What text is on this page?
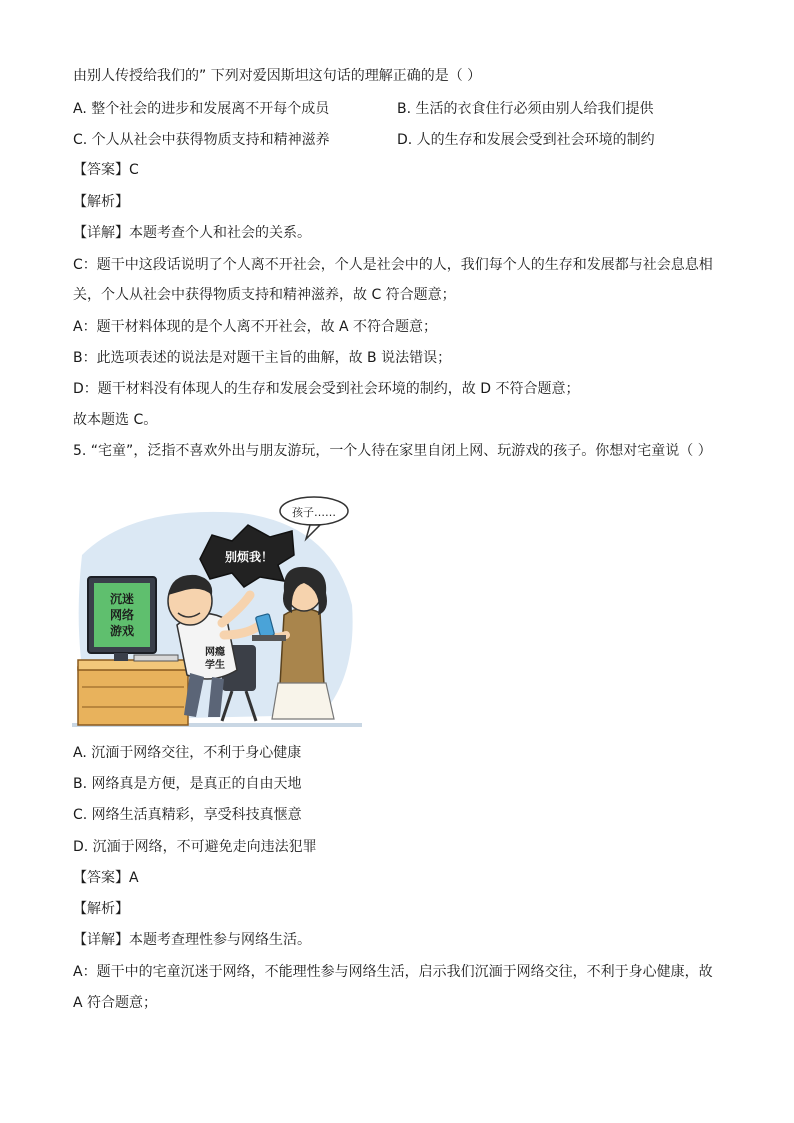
由别人传授给我们的” 下列对爱因斯坦这句话的理解正确的是（ ）
A. 整个社会的进步和发展离不开每个成员	B. 生活的衣食住行必须由别人给我们提供
C. 个人从社会中获得物质支持和精神滋养	D. 人的生存和发展会受到社会环境的制约
【答案】C
【解析】
【详解】本题考查个人和社会的关系。
C：题干中这段话说明了个人离不开社会，个人是社会中的人，我们每个人的生存和发展都与社会息息相
关，个人从社会中获得物质支持和精神滋养，故 C 符合题意；
A：题干材料体现的是个人离不开社会，故 A 不符合题意；
B：此选项表述的说法是对题干主旨的曲解，故 B 说法错误；
D：题干材料没有体现人的生存和发展会受到社会环境的制约，故 D 不符合题意；
故本题选 C。
5. “宅童”，泛指不喜欢外出与朋友游玩，一个人待在家里自闭上网、玩游戏的孩子。你想对宅童说（ ）
沉迷
网络
游戏
网瘾
学生
别烦我！
孩子……
A. 沉湎于网络交往，不利于身心健康
B. 网络真是方便，是真正的自由天地
C. 网络生活真精彩，享受科技真惬意
D. 沉湎于网络，不可避免走向违法犯罪
【答案】A
【解析】
【详解】本题考查理性参与网络生活。
A：题干中的宅童沉迷于网络，不能理性参与网络生活，启示我们沉湎于网络交往，不利于身心健康，故
A 符合题意；
